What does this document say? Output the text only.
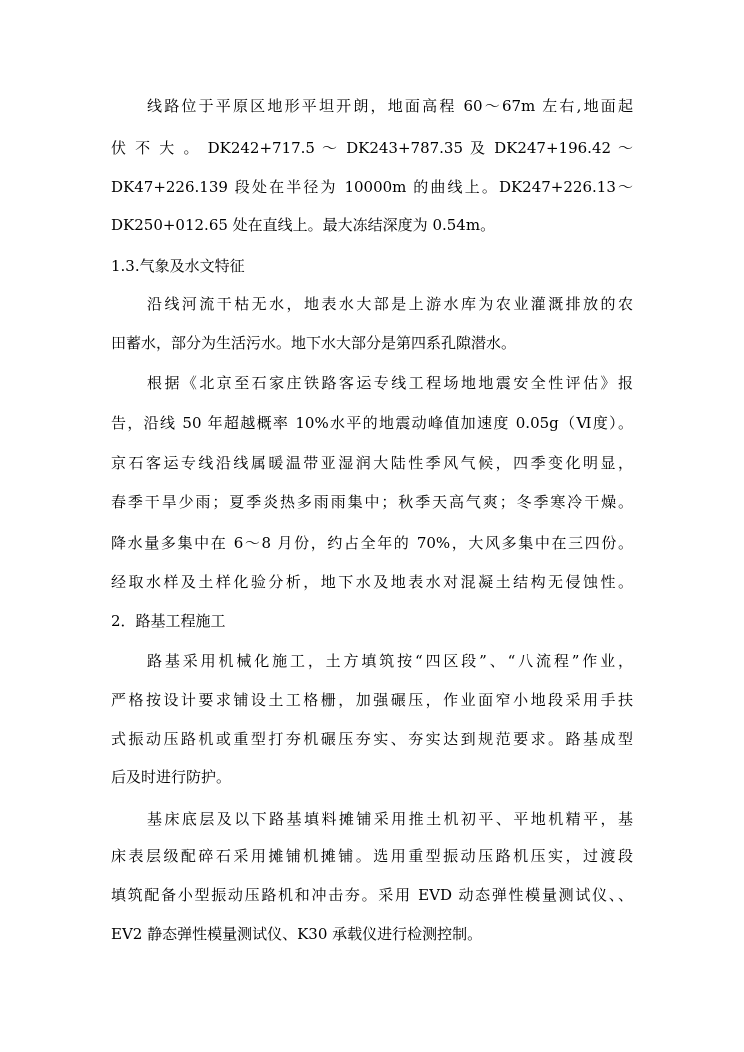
线路位于平原区地形平坦开朗，地面高程 60～67m 左右,地面起
伏 不 大 。 DK242+717.5 ～ DK243+787.35 及 DK247+196.42 ～
DK47+226.139 段处在半径为 10000m 的曲线上。DK247+226.13～
DK250+012.65 处在直线上。最大冻结深度为 0.54m。
1.3.气象及水文特征
沿线河流干枯无水，地表水大部是上游水库为农业灌溉排放的农
田蓄水，部分为生活污水。地下水大部分是第四系孔隙潜水。
根据《北京至石家庄铁路客运专线工程场地地震安全性评估》报
告，沿线 50 年超越概率 10%水平的地震动峰值加速度 0.05g（Ⅵ度）。
京石客运专线沿线属暖温带亚湿润大陆性季风气候，四季变化明显，
春季干旱少雨；夏季炎热多雨雨集中；秋季天高气爽；冬季寒冷干燥。
降水量多集中在 6～8 月份，约占全年的 70%，大风多集中在三四份。
经取水样及土样化验分析，地下水及地表水对混凝土结构无侵蚀性。
2．路基工程施工
路基采用机械化施工，土方填筑按“四区段”、“八流程”作业，
严格按设计要求铺设土工格栅，加强碾压，作业面窄小地段采用手扶
式振动压路机或重型打夯机碾压夯实、夯实达到规范要求。路基成型
后及时进行防护。
基床底层及以下路基填料摊铺采用推土机初平、平地机精平，基
床表层级配碎石采用摊铺机摊铺。选用重型振动压路机压实，过渡段
填筑配备小型振动压路机和冲击夯。采用 EVD 动态弹性模量测试仪、、
EV2 静态弹性模量测试仪、K30 承载仪进行检测控制。
